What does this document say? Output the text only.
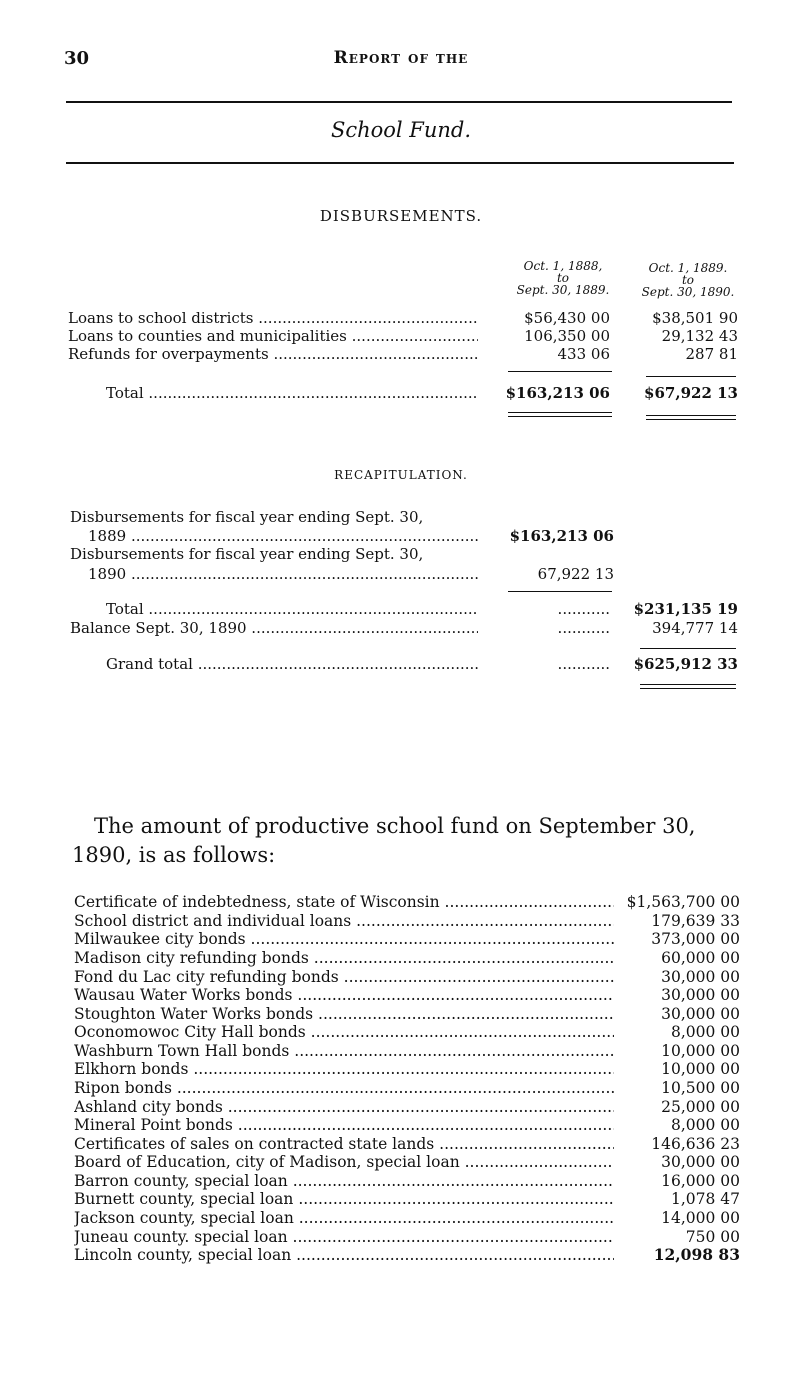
30	Report of the
School Fund.
DISBURSEMENTS.
Oct. 1, 1888,
to
Sept. 30, 1889.
Oct. 1, 1889.
to
Sept. 30, 1890.
Loans to school districts .....	$56,430 00	$38,501 90
Loans to counties and municipalities .....	106,350 00	29,132 43
Refunds for overpayments .....	433 06	287 81
Total .....	$163,213 06 $67,922 13
RECAPITULATION.
Disbursements for fiscal year ending Sept. 30,
1889 .....	$163,213 06
Disbursements for fiscal year ending Sept. 30,
1890 .....	67,922 13
Total .....	........... $231,135 19
Balance Sept. 30, 1890 .....	...........	394,777 14
Grand total .....	........... $625,912 33
The amount of productive school fund on September 30, 1890, is as follows:
Certificate of indebtedness, state of Wisconsin .....	$1,563,700 00
School district and individual loans .....	179,639 33
Milwaukee city bonds .....	373,000 00
Madison city refunding bonds .....	60,000 00
Fond du Lac city refunding bonds .....	30,000 00
Wausau Water Works bonds .....	30,000 00
Stoughton Water Works bonds .....	30,000 00
Oconomowoc City Hall bonds .....	8,000 00
Washburn Town Hall bonds .....	10,000 00
Elkhorn bonds .....	10,000 00
Ripon bonds .....	10,500 00
Ashland city bonds .....	25,000 00
Mineral Point bonds .....	8,000 00
Certificates of sales on contracted state lands .....	146,636 23
Board of Education, city of Madison, special loan .....	30,000 00
Barron county, special loan .....	16,000 00
Burnett county, special loan .....	1,078 47
Jackson county, special loan .....	14,000 00
Juneau county. special loan .....	750 00
Lincoln county, special loan .....	12,098 83
